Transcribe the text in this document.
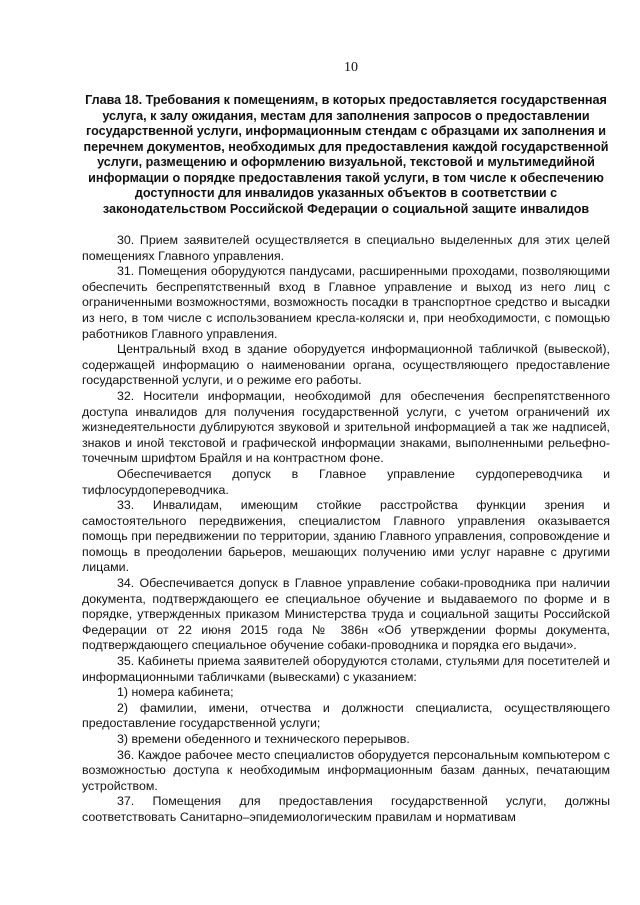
10
Глава 18. Требования к помещениям, в которых предоставляется государственная услуга, к залу ожидания, местам для заполнения запросов о предоставлении государственной услуги, информационным стендам с образцами их заполнения и перечнем документов, необходимых для предоставления каждой государственной услуги, размещению и оформлению визуальной, текстовой и мультимедийной информации о порядке предоставления такой услуги, в том числе к обеспечению доступности для инвалидов указанных объектов в соответствии с законодательством Российской Федерации о социальной защите инвалидов

30. Прием заявителей осуществляется в специально выделенных для этих целей помещениях Главного управления.

31. Помещения оборудуются пандусами, расширенными проходами, позволяющими обеспечить беспрепятственный вход в Главное управление и выход из него лиц с ограниченными возможностями, возможность посадки в транспортное средство и высадки из него, в том числе с использованием кресла-коляски и, при необходимости, с помощью работников Главного управления.

Центральный вход в здание оборудуется информационной табличкой (вывеской), содержащей информацию о наименовании органа, осуществляющего предоставление государственной услуги, и о режиме его работы.

32. Носители информации, необходимой для обеспечения беспрепятственного доступа инвалидов для получения государственной услуги, с учетом ограничений их жизнедеятельности дублируются звуковой и зрительной информацией а так же надписей, знаков и иной текстовой и графической информации знаками, выполненными рельефно-точечным шрифтом Брайля и на контрастном фоне.

Обеспечивается допуск в Главное управление сурдопереводчика и тифлосурдопереводчика.

33. Инвалидам, имеющим стойкие расстройства функции зрения и самостоятельного передвижения, специалистом Главного управления оказывается помощь при передвижении по территории, зданию Главного управления, сопровождение и помощь в преодолении барьеров, мешающих получению ими услуг наравне с другими лицами.

34. Обеспечивается допуск в Главное управление собаки-проводника при наличии документа, подтверждающего ее специальное обучение и выдаваемого по форме и в порядке, утвержденных приказом Министерства труда и социальной защиты Российской Федерации от 22 июня 2015 года № 386н «Об утверждении формы документа, подтверждающего специальное обучение собаки-проводника и порядка его выдачи».

35. Кабинеты приема заявителей оборудуются столами, стульями для посетителей и информационными табличками (вывесками) с указанием:

1) номера кабинета;

2) фамилии, имени, отчества и должности специалиста, осуществляющего предоставление государственной услуги;

3) времени обеденного и технического перерывов.

36. Каждое рабочее место специалистов оборудуется персональным компьютером с возможностью доступа к необходимым информационным базам данных, печатающим устройством.

37. Помещения для предоставления государственной услуги, должны соответствовать Санитарно–эпидемиологическим правилам и нормативам
